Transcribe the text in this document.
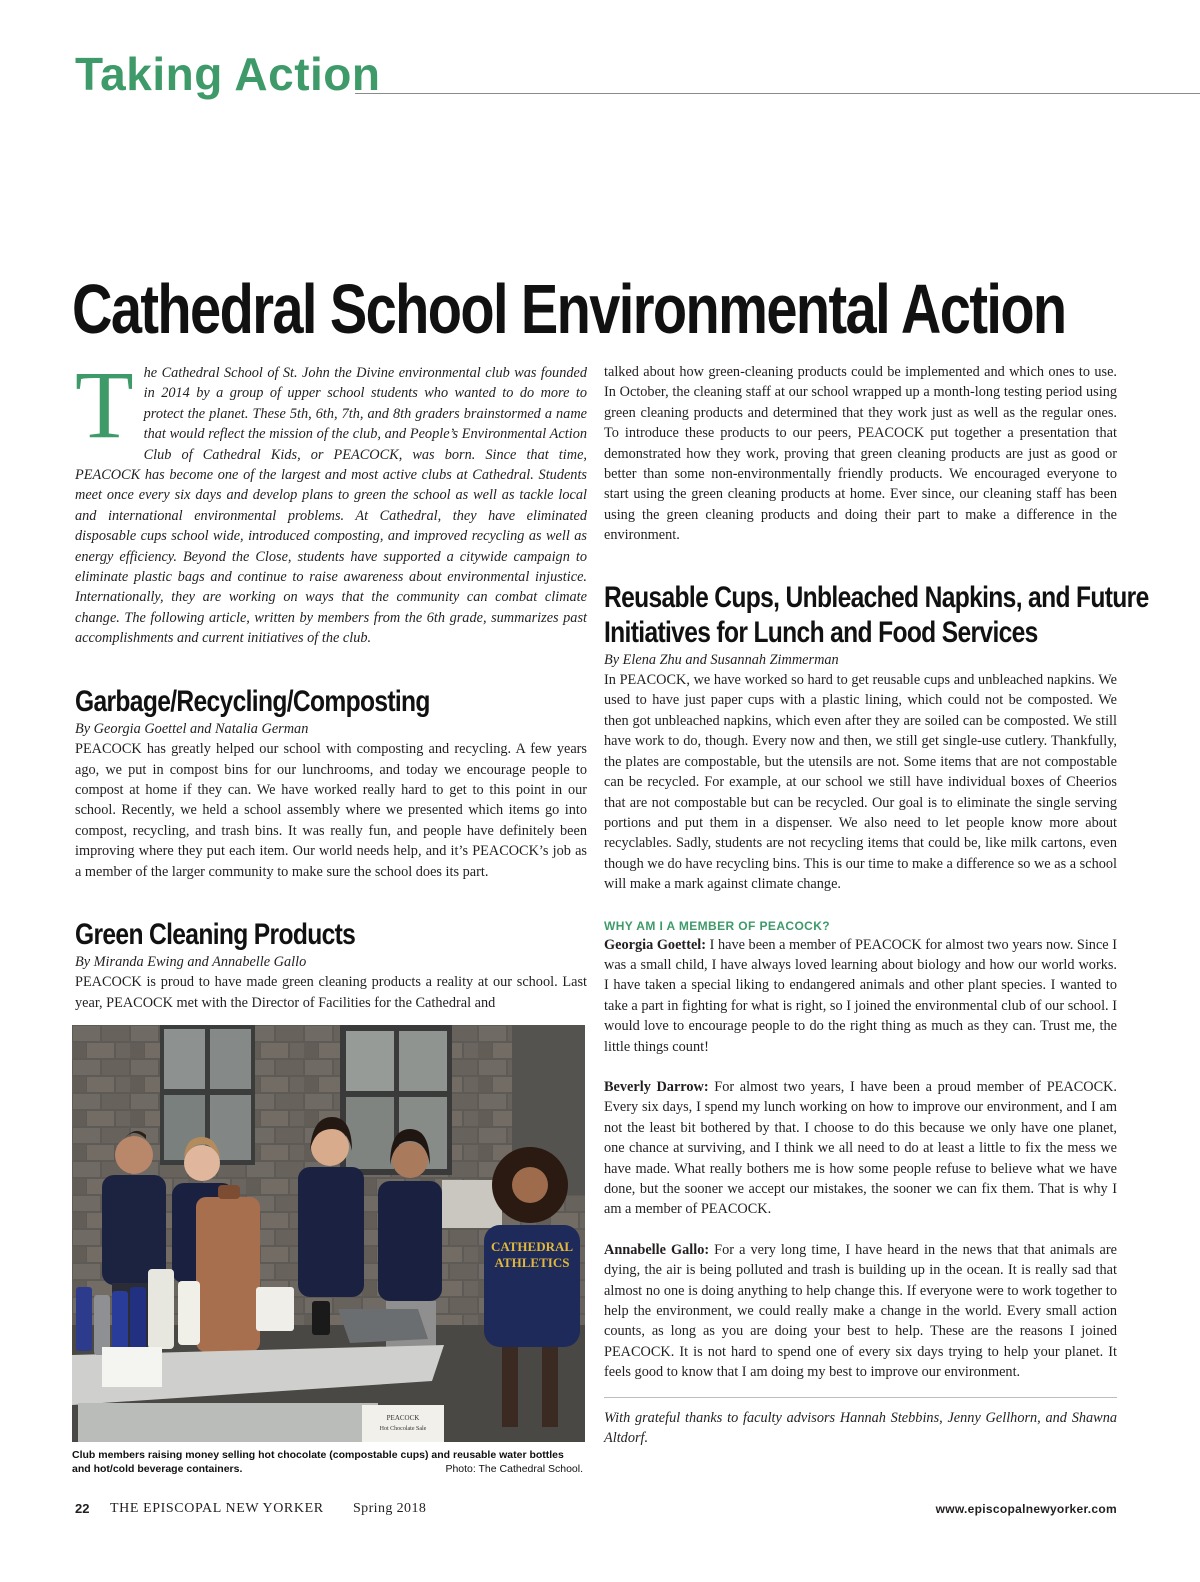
Taking Action
Cathedral School Environmental Action

The Cathedral School of St. John the Divine environmental club was founded in 2014 by a group of upper school students who wanted to do more to protect the planet. These 5th, 6th, 7th, and 8th graders brainstormed a name that would reflect the mission of the club, and People’s Environmental Action Club of Cathedral Kids, or PEACOCK, was born. Since that time, PEACOCK has become one of the largest and most active clubs at Cathedral. Students meet once every six days and develop plans to green the school as well as tackle local and international environmental problems. At Cathedral, they have eliminated disposable cups school wide, introduced composting, and improved recycling as well as energy efficiency. Beyond the Close, students have supported a citywide campaign to eliminate plastic bags and continue to raise awareness about environmental injustice. Internationally, they are working on ways that the community can combat climate change. The following article, written by members from the 6th grade, summarizes past accomplishments and current initiatives of the club.

Garbage/Recycling/Composting

By Georgia Goettel and Natalia German

PEACOCK has greatly helped our school with composting and recycling. A few years ago, we put in compost bins for our lunchrooms, and today we encourage people to compost at home if they can. We have worked really hard to get to this point in our school. Recently, we held a school assembly where we presented which items go into compost, recycling, and trash bins. It was really fun, and people have definitely been improving where they put each item. Our world needs help, and it’s PEACOCK’s job as a member of the larger community to make sure the school does its part.

Green Cleaning Products

By Miranda Ewing and Annabelle Gallo

PEACOCK is proud to have made green cleaning products a reality at our school. Last year, PEACOCK met with the Director of Facilities for the Cathedral and

CATHEDRAL
ATHLETICS
PEACOCK
Hot Chocolate Sale
Club members raising money selling hot chocolate (compostable cups) and reusable water bottles and hot/cold beverage containers.	Photo: The Cathedral School.

talked about how green-cleaning products could be implemented and which ones to use. In October, the cleaning staff at our school wrapped up a month-long testing period using green cleaning products and determined that they work just as well as the regular ones. To introduce these products to our peers, PEACOCK put together a presentation that demonstrated how they work, proving that green cleaning products are just as good or better than some non-environmentally friendly products. We encouraged everyone to start using the green cleaning products at home. Ever since, our cleaning staff has been using the green cleaning products and doing their part to make a difference in the environment.

Reusable Cups, Unbleached Napkins, and Future
Initiatives for Lunch and Food Services

By Elena Zhu and Susannah Zimmerman

In PEACOCK, we have worked so hard to get reusable cups and unbleached napkins. We used to have just paper cups with a plastic lining, which could not be composted. We then got unbleached napkins, which even after they are soiled can be composted. We still have work to do, though. Every now and then, we still get single-use cutlery. Thankfully, the plates are compostable, but the utensils are not. Some items that are not compostable can be recycled. For example, at our school we still have individual boxes of Cheerios that are not compostable but can be recycled. Our goal is to eliminate the single serving portions and put them in a dispenser. We also need to let people know more about recyclables. Sadly, students are not recycling items that could be, like milk cartons, even though we do have recycling bins. This is our time to make a difference so we as a school will make a mark against climate change.

WHY AM I A MEMBER OF PEACOCK?

Georgia Goettel: I have been a member of PEACOCK for almost two years now. Since I was a small child, I have always loved learning about biology and how our world works. I have taken a special liking to endangered animals and other plant species. I wanted to take a part in fighting for what is right, so I joined the environmental club of our school. I would love to encourage people to do the right thing as much as they can. Trust me, the little things count!

Beverly Darrow: For almost two years, I have been a proud member of PEACOCK. Every six days, I spend my lunch working on how to improve our environment, and I am not the least bit bothered by that. I choose to do this because we only have one planet, one chance at surviving, and I think we all need to do at least a little to fix the mess we have made. What really bothers me is how some people refuse to believe what we have done, but the sooner we accept our mistakes, the sooner we can fix them. That is why I am a member of PEACOCK.

Annabelle Gallo: For a very long time, I have heard in the news that that animals are dying, the air is being polluted and trash is building up in the ocean. It is really sad that almost no one is doing anything to help change this. If everyone were to work together to help the environment, we could really make a change in the world. Every small action counts, as long as you are doing your best to help. These are the reasons I joined PEACOCK. It is not hard to spend one of every six days trying to help your planet. It feels good to know that I am doing my best to improve our environment.

With grateful thanks to faculty advisors Hannah Stebbins, Jenny Gellhorn, and Shawna Altdorf.

22 THE EPISCOPAL NEW YORKER Spring 2018	www.episcopalnewyorker.com
